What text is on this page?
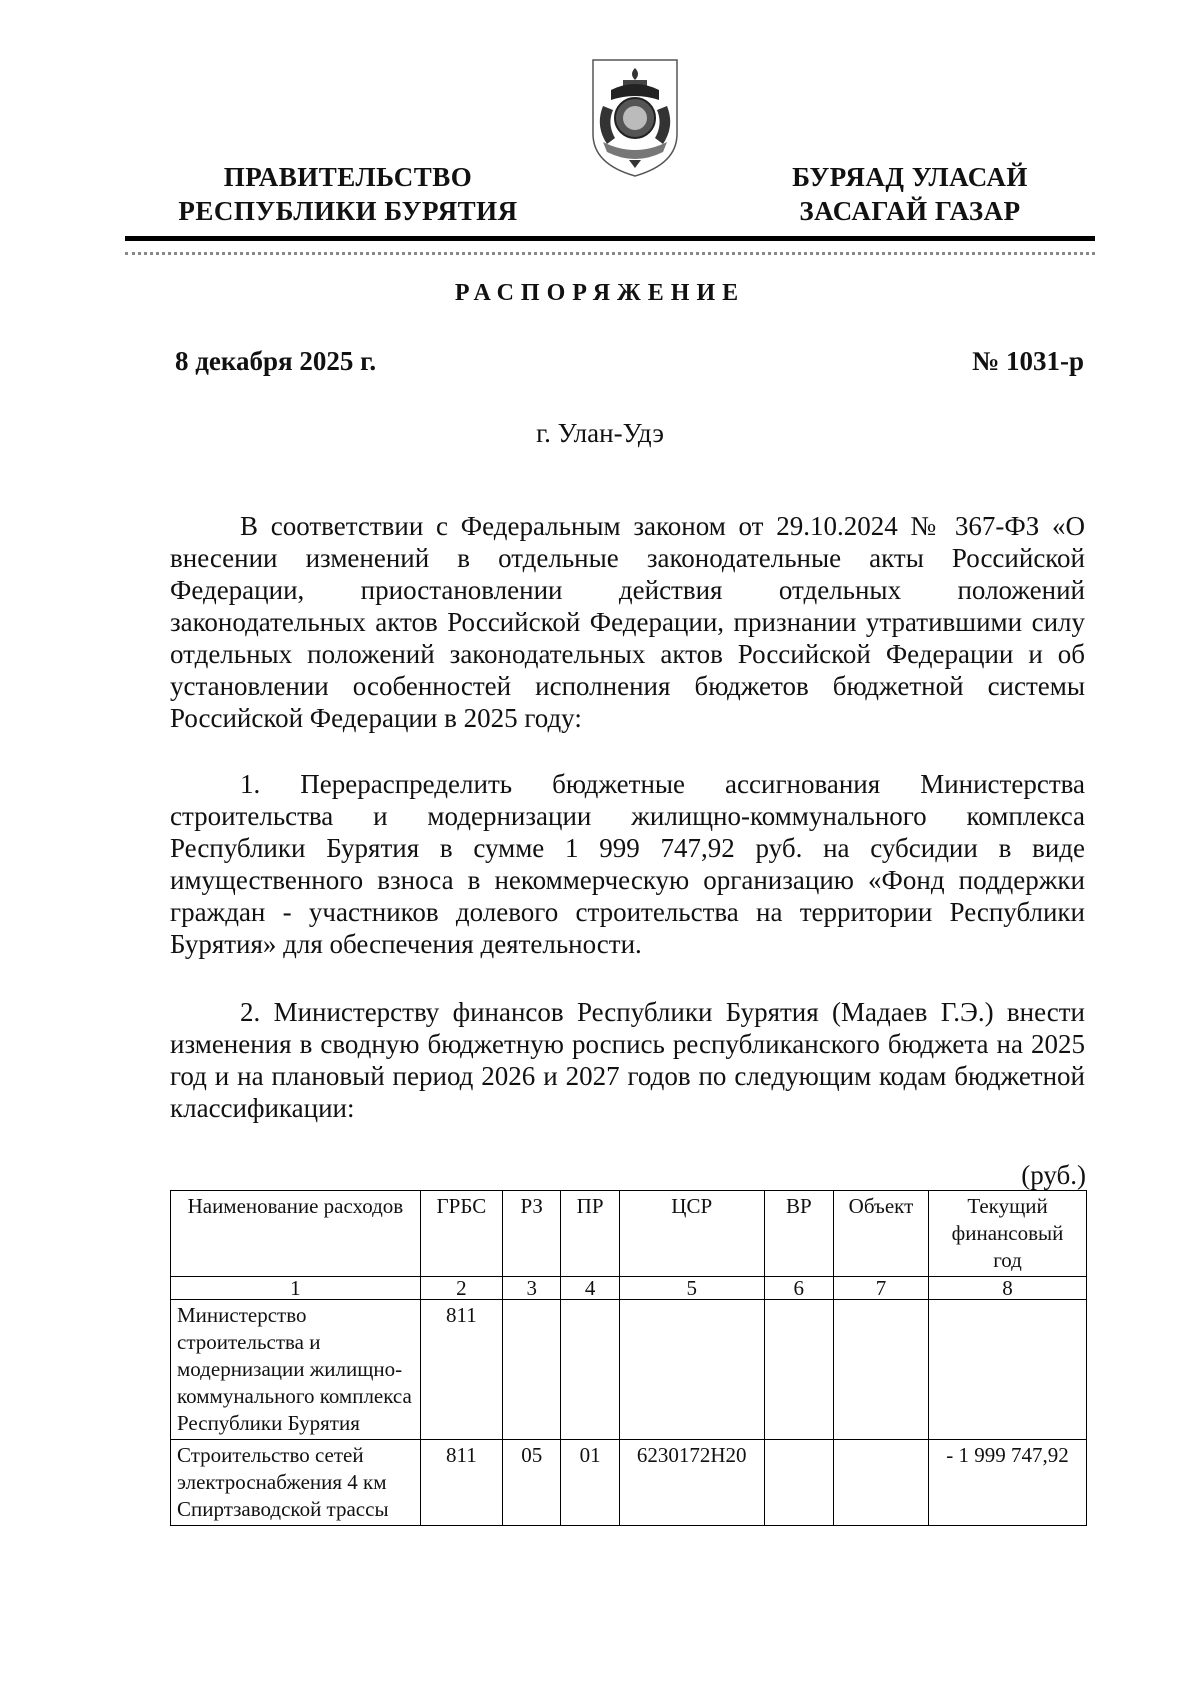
ПРАВИТЕЛЬСТВО
РЕСПУБЛИКИ БУРЯТИЯ
БУРЯАД УЛАСАЙ
ЗАСАГАЙ ГАЗАР
РАСПОРЯЖЕНИЕ
8 декабря 2025 г.	№ 1031-р
г. Улан-Удэ
В соответствии с Федеральным законом от 29.10.2024 № 367-ФЗ «О внесении изменений в отдельные законодательные акты Российской Федерации, приостановлении действия отдельных положений законодательных актов Российской Федерации, признании утратившими силу отдельных положений законодательных актов Российской Федерации и об установлении особенностей исполнения бюджетов бюджетной системы Российской Федерации в 2025 году:
1. Перераспределить бюджетные ассигнования Министерства строительства и модернизации жилищно-коммунального комплекса Республики Бурятия в сумме 1 999 747,92 руб. на субсидии в виде имущественного взноса в некоммерческую организацию «Фонд поддержки граждан - участников долевого строительства на территории Республики Бурятия» для обеспечения деятельности.
2. Министерству финансов Республики Бурятия (Мадаев Г.Э.) внести изменения в сводную бюджетную роспись республиканского бюджета на 2025 год и на плановый период 2026 и 2027 годов по следующим кодам бюджетной классификации:
(руб.)
Наименование расходов	ГРБС	РЗ	ПР	ЦСР	ВР	Объект	Текущий финансовый год
1	2	3	4	5	6	7	8
Министерство строительства и модернизации жилищно-коммунального комплекса Республики Бурятия	811						
Строительство сетей электроснабжения 4 км Спиртзаводской трассы	811	05	01	6230172Н20			- 1 999 747,92
